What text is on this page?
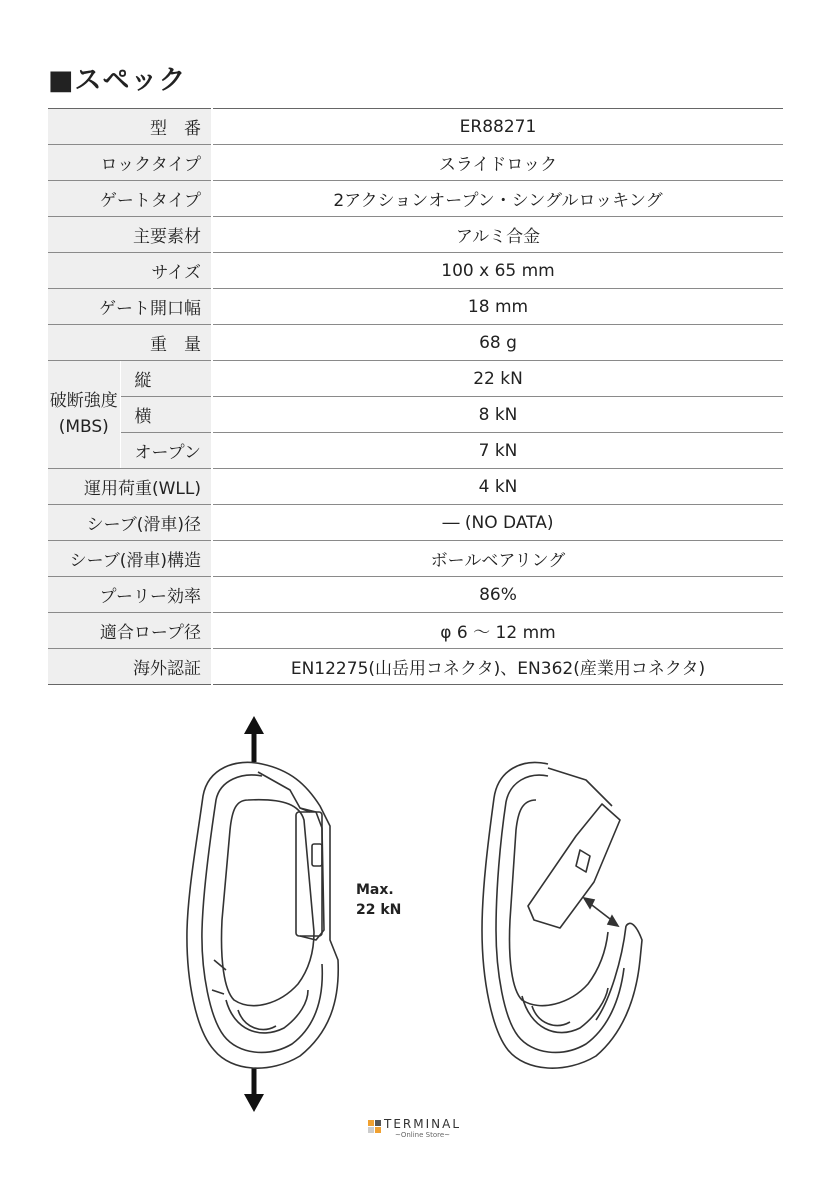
■スペック
型　番		ER88271
ロックタイプ		スライドロック
ゲートタイプ		2アクションオープン・シングルロッキング
主要素材		アルミ合金
サイズ		100 x 65 mm
ゲート開口幅		18 mm
重　量		68 g
破断強度
(MBS)	縦	22 kN
	横	8 kN
	オープン	7 kN
運用荷重(WLL)		4 kN
シーブ(滑車)径		― (NO DATA)
シーブ(滑車)構造		ボールベアリング
プーリー効率		86%
適合ロープ径		φ 6 ～ 12 mm
海外認証		EN12275(山岳用コネクタ)、EN362(産業用コネクタ)
Max.
22 kN
TERMINAL
~Online Store~
